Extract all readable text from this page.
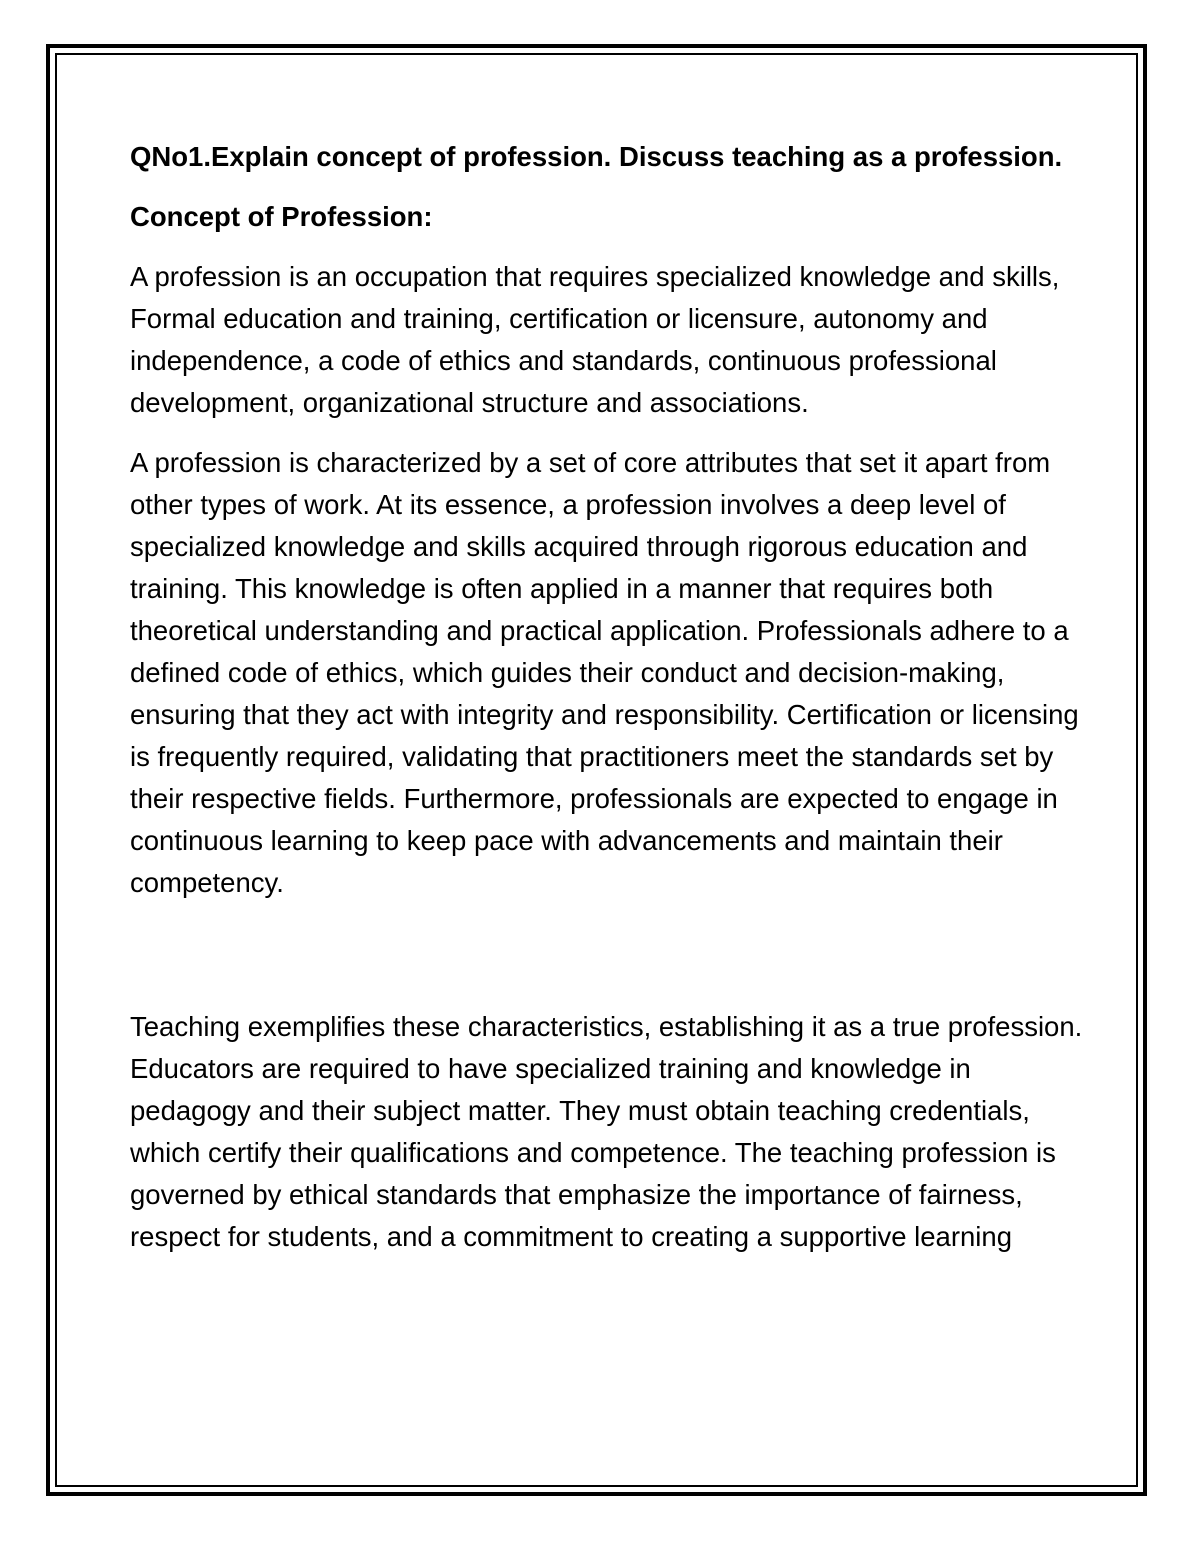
QNo1.Explain concept of profession. Discuss teaching as a profession.

Concept of Profession:

A profession is an occupation that requires specialized knowledge and skills, Formal education and training, certification or licensure, autonomy and independence, a code of ethics and standards, continuous professional development, organizational structure and associations.

A profession is characterized by a set of core attributes that set it apart from other types of work. At its essence, a profession involves a deep level of specialized knowledge and skills acquired through rigorous education and training. This knowledge is often applied in a manner that requires both theoretical understanding and practical application. Professionals adhere to a defined code of ethics, which guides their conduct and decision-making, ensuring that they act with integrity and responsibility. Certification or licensing is frequently required, validating that practitioners meet the standards set by their respective fields. Furthermore, professionals are expected to engage in continuous learning to keep pace with advancements and maintain their competency.

Teaching exemplifies these characteristics, establishing it as a true profession. Educators are required to have specialized training and knowledge in pedagogy and their subject matter. They must obtain teaching credentials, which certify their qualifications and competence. The teaching profession is governed by ethical standards that emphasize the importance of fairness, respect for students, and a commitment to creating a supportive learning
